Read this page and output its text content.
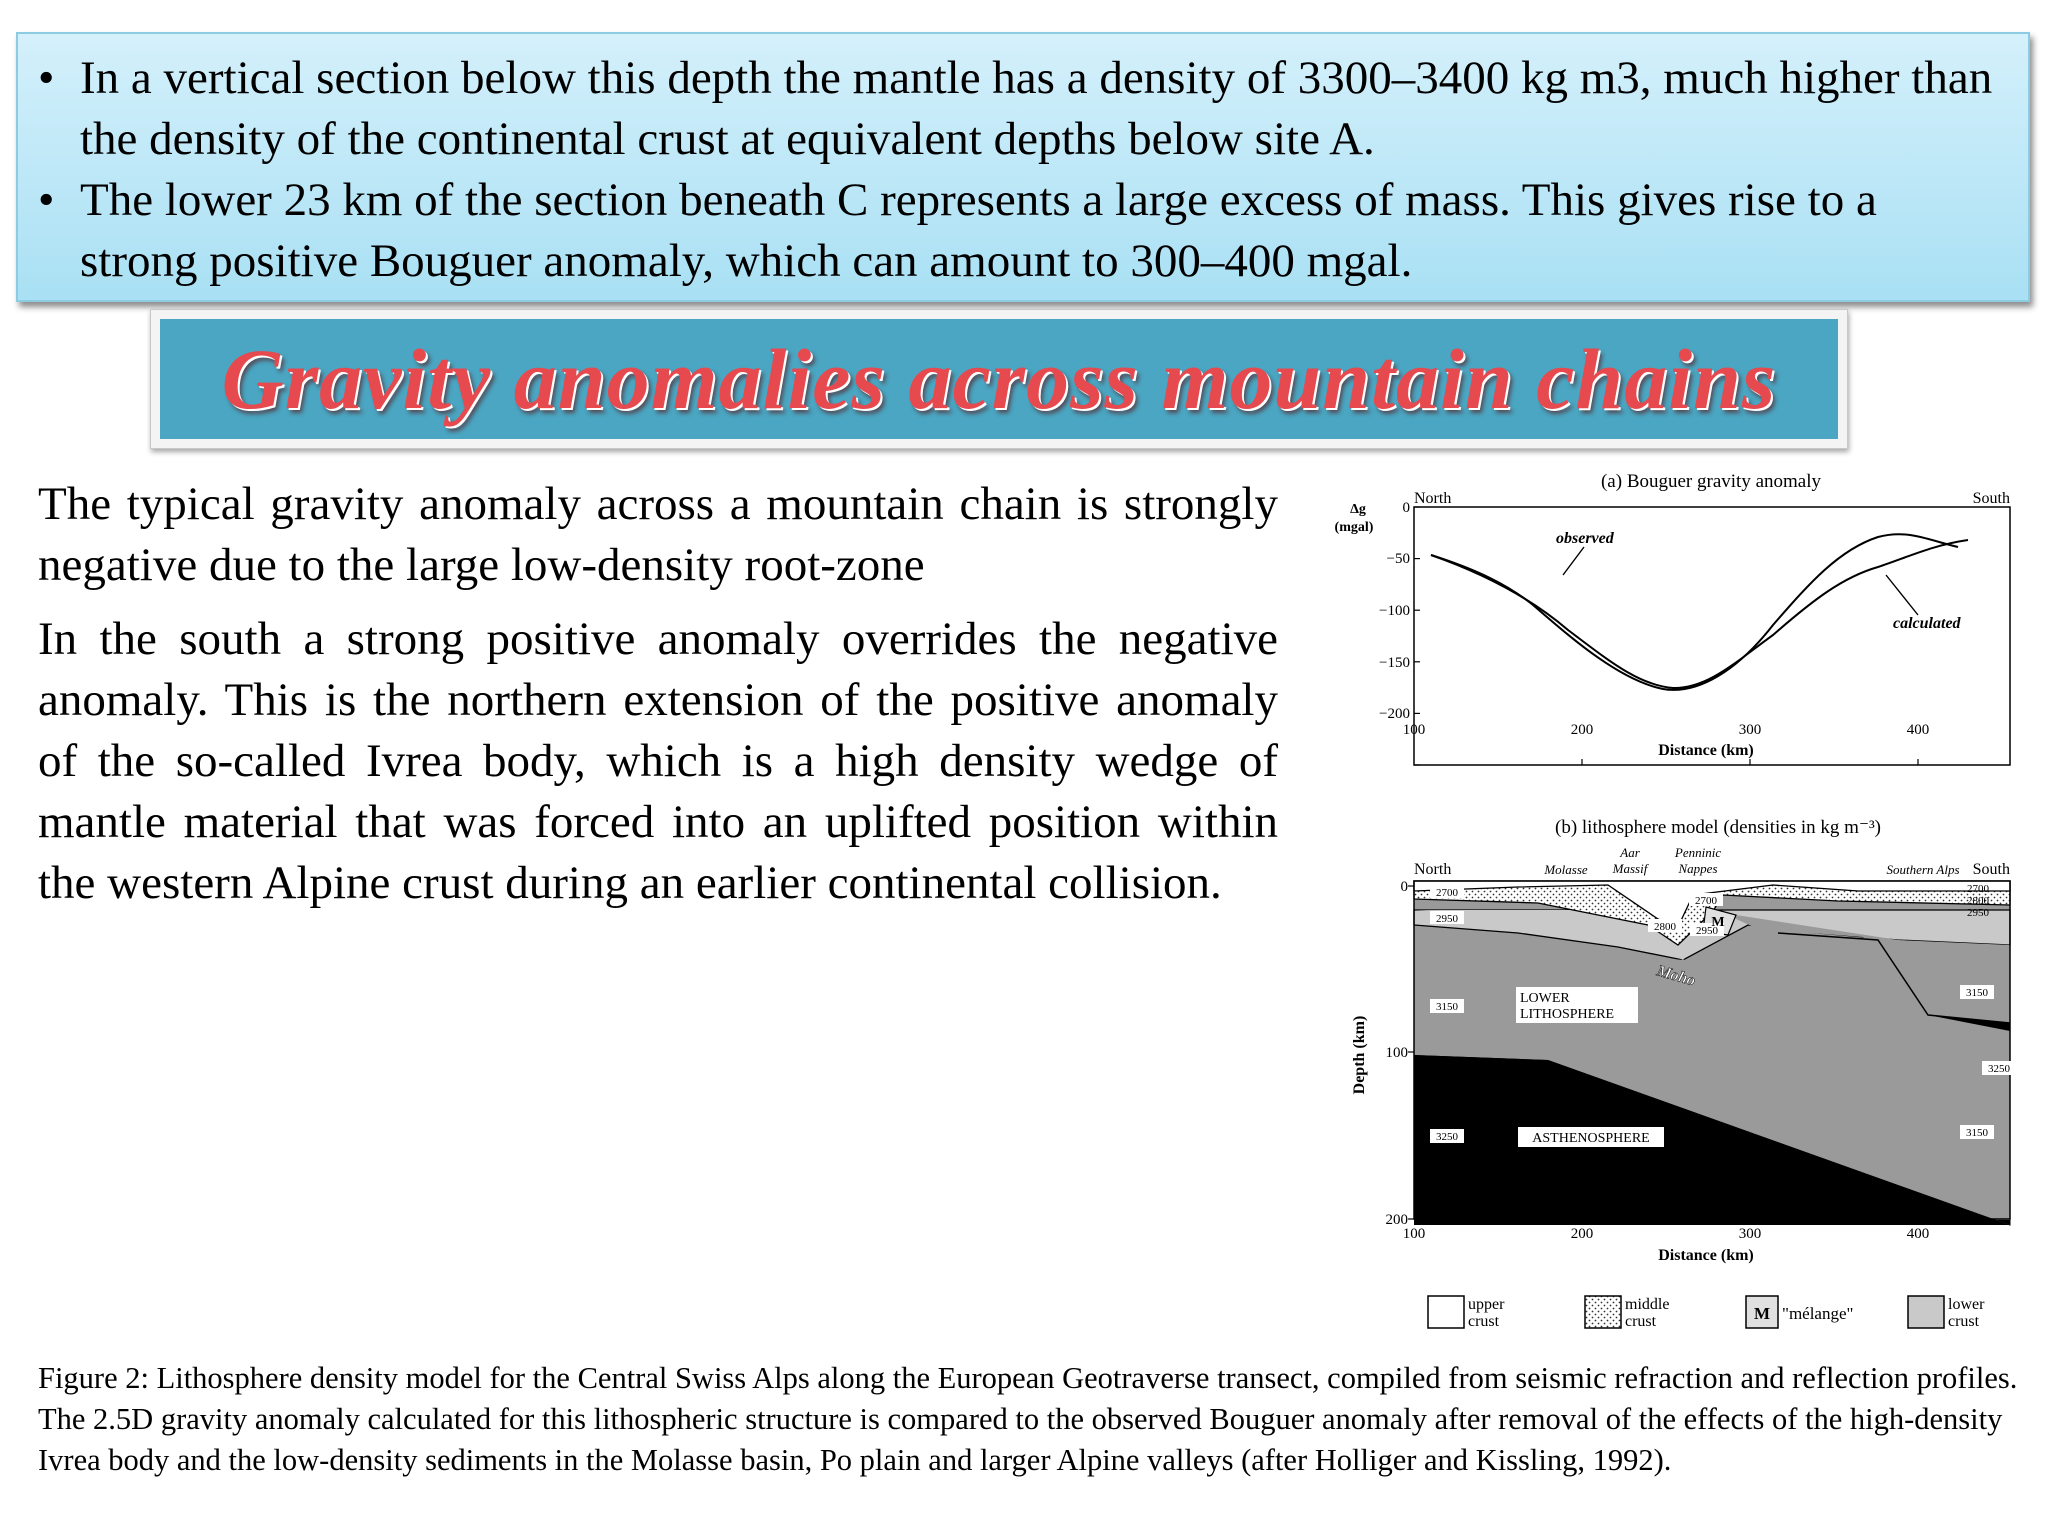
• In a vertical section below this depth the mantle has a density of 3300–3400 kg m3, much higher than the density of the continental crust at equivalent depths below site A.
• The lower 23 km of the section beneath C represents a large excess of mass. This gives rise to a strong positive Bouguer anomaly, which can amount to 300–400 mgal.
Gravity anomalies across mountain chains

The typical gravity anomaly across a mountain chain is strongly negative due to the large low-density root-zone

In the south a strong positive anomaly overrides the negative anomaly. This is the northern extension of the positive anomaly of the so-called Ivrea body, which is a high density wedge of mantle material that was forced into an uplifted position within the western Alpine crust during an earlier continental collision.

(a) Bouguer gravity anomaly
North	South
Δg
(mgal)
0
−50
−100
−150
−200
100	200	300	400
Distance (km)
observed
calculated
(b) lithosphere model (densities in kg m⁻³)
Aar
Massif
Penninic
Nappes
North	Molasse	Southern Alps South
2700
2950
2800
2700
2950
M
2700
2800
2950
3150
3150
3250
3250
3150
LOWER
LITHOSPHERE
ASTHENOSPHERE
Moho
0
100
200
Depth (km)
100	200	300	400
Distance (km)
upper
crust
middle
crust	M "mélange"	lower
crust
Figure 2: Lithosphere density model for the Central Swiss Alps along the European Geotraverse transect, compiled from seismic refraction and reflection profiles. The 2.5D gravity anomaly calculated for this lithospheric structure is compared to the observed Bouguer anomaly after removal of the effects of the high-density Ivrea body and the low-density sediments in the Molasse basin, Po plain and larger Alpine valleys (after Holliger and Kissling, 1992).
